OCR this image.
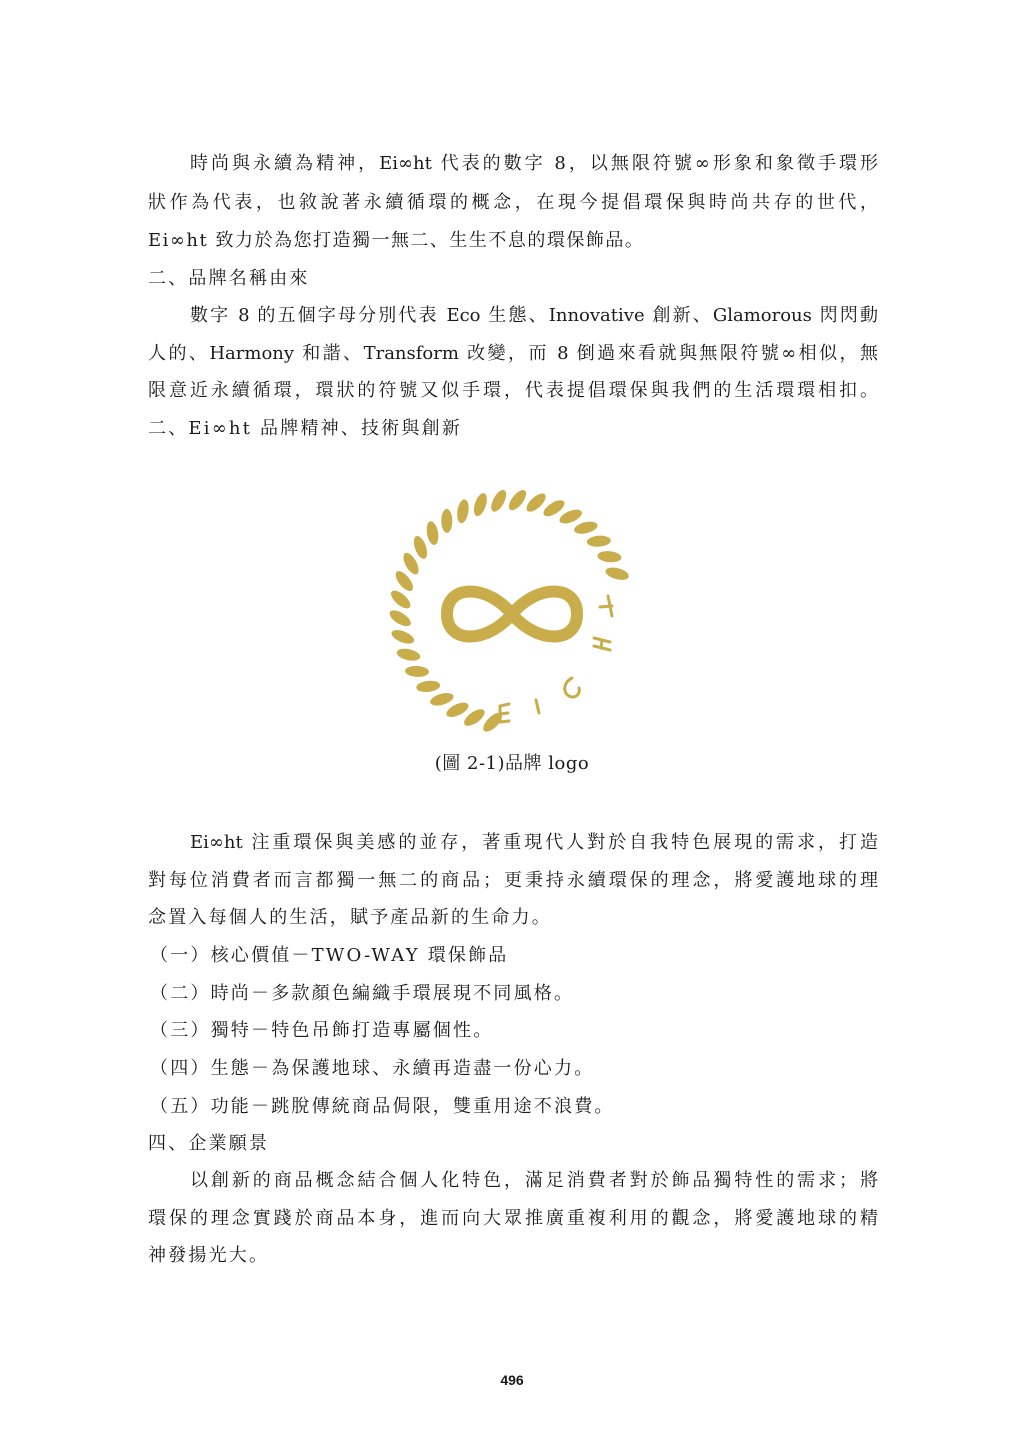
時尚與永續為精神，Ei∞ht 代表的數字 8，以無限符號∞形象和象徵手環形
狀作為代表，也敘說著永續循環的概念，在現今提倡環保與時尚共存的世代，
Ei∞ht 致力於為您打造獨一無二、生生不息的環保飾品。
二、品牌名稱由來
數字 8 的五個字母分別代表 Eco 生態、Innovative 創新、Glamorous 閃閃動
人的、Harmony 和諧、Transform 改變，而 8 倒過來看就與無限符號∞相似，無
限意近永續循環，環狀的符號又似手環，代表提倡環保與我們的生活環環相扣。
二、Ei∞ht 品牌精神、技術與創新
(圖 2-1)品牌 logo
Ei∞ht 注重環保與美感的並存，著重現代人對於自我特色展現的需求，打造
對每位消費者而言都獨一無二的商品；更秉持永續環保的理念，將愛護地球的理
念置入每個人的生活，賦予產品新的生命力。
（一）核心價值－TWO-WAY 環保飾品
（二）時尚－多款顏色編織手環展現不同風格。
（三）獨特－特色吊飾打造專屬個性。
（四）生態－為保護地球、永續再造盡一份心力。
（五）功能－跳脫傳統商品侷限，雙重用途不浪費。
四、企業願景
以創新的商品概念結合個人化特色，滿足消費者對於飾品獨特性的需求；將
環保的理念實踐於商品本身，進而向大眾推廣重複利用的觀念，將愛護地球的精
神發揚光大。
496
